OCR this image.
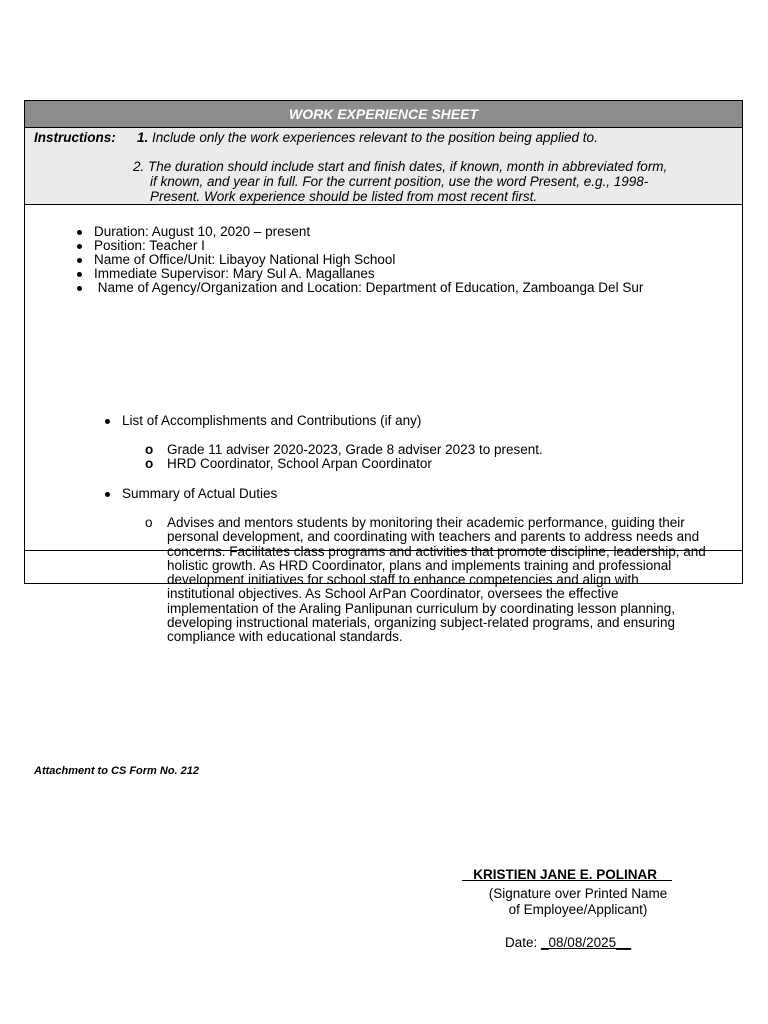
WORK EXPERIENCE SHEET
Instructions: 1. Include only the work experiences relevant to the position being applied to.
2. The duration should include start and finish dates, if known, month in abbreviated form,
if known, and year in full. For the current position, use the word Present, e.g., 1998-
Present. Work experience should be listed from most recent first.
Duration: August 10, 2020 – present
Position: Teacher I
Name of Office/Unit: Libayoy National High School
Immediate Supervisor: Mary Sul A. Magallanes
Name of Agency/Organization and Location: Department of Education, Zamboanga Del Sur
List of Accomplishments and Contributions (if any)
o Grade 11 adviser 2020-2023, Grade 8 adviser 2023 to present.
o HRD Coordinator, School Arpan Coordinator
Summary of Actual Duties
o Advises and mentors students by monitoring their academic performance, guiding their personal development, and coordinating with teachers and parents to address needs and concerns. Facilitates class programs and activities that promote discipline, leadership, and holistic growth. As HRD Coordinator, plans and implements training and professional development initiatives for school staff to enhance competencies and align with institutional objectives. As School ArPan Coordinator, oversees the effective implementation of the Araling Panlipunan curriculum by coordinating lesson planning, developing instructional materials, organizing subject-related programs, and ensuring compliance with educational standards.
Attachment to CS Form No. 212
KRISTIEN JANE E. POLINAR
(Signature over Printed Name
of Employee/Applicant)
Date: _08/08/2025__
